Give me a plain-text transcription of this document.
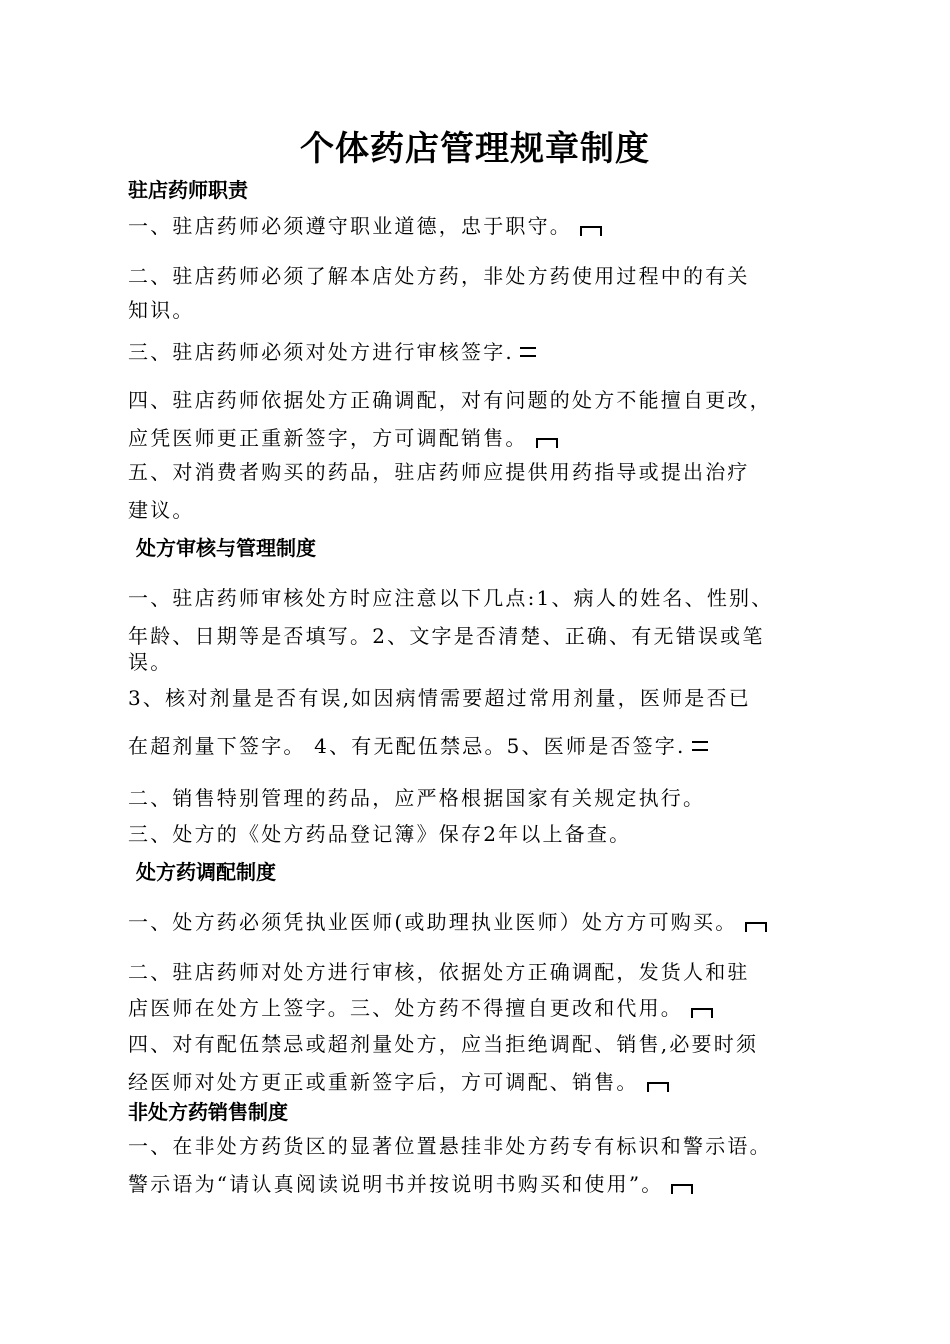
个体药店管理规章制度
驻店药师职责
一、驻店药师必须遵守职业道德，忠于职守。
二、驻店药师必须了解本店处方药，非处方药使用过程中的有关
知识。
三、驻店药师必须对处方进行审核签字.
四、驻店药师依据处方正确调配，对有问题的处方不能擅自更改，
应凭医师更正重新签字，方可调配销售。
五、对消费者购买的药品，驻店药师应提供用药指导或提出治疗
建议。
处方审核与管理制度
一、驻店药师审核处方时应注意以下几点:1、病人的姓名、性别、
年龄、日期等是否填写。2、文字是否清楚、正确、有无错误或笔
误。
3、核对剂量是否有误,如因病情需要超过常用剂量，医师是否已
在超剂量下签字。 4、有无配伍禁忌。5、医师是否签字.
二、销售特别管理的药品，应严格根据国家有关规定执行。
三、处方的《处方药品登记簿》保存2年以上备查。
处方药调配制度
一、处方药必须凭执业医师(或助理执业医师）处方方可购买。
二、驻店药师对处方进行审核，依据处方正确调配，发货人和驻
店医师在处方上签字。三、处方药不得擅自更改和代用。
四、对有配伍禁忌或超剂量处方，应当拒绝调配、销售,必要时须
经医师对处方更正或重新签字后，方可调配、销售。
非处方药销售制度
一、在非处方药货区的显著位置悬挂非处方药专有标识和警示语。
警示语为“请认真阅读说明书并按说明书购买和使用”。
